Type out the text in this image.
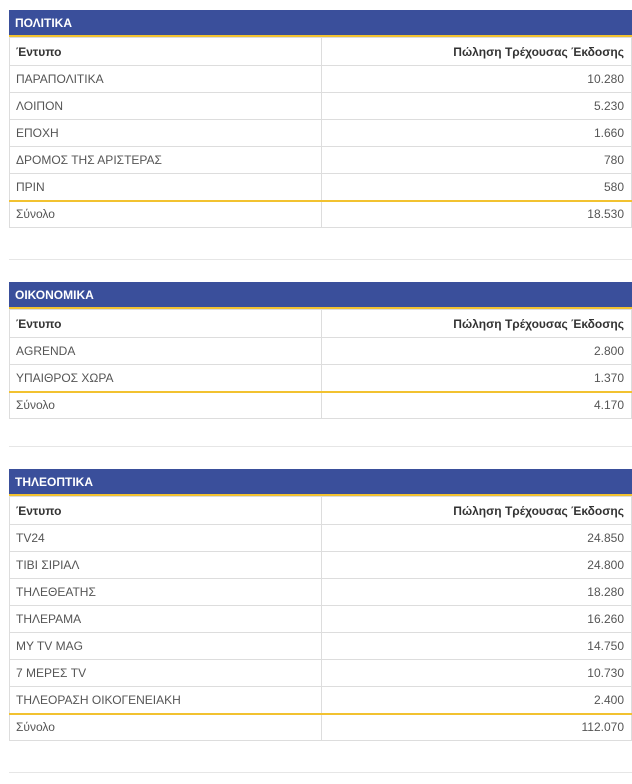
ΠΟΛΙΤΙΚΑ
Έντυπο	Πώληση Τρέχουσας Έκδοσης
ΠΑΡΑΠΟΛΙΤΙΚΑ	10.280
ΛΟΙΠΟΝ	5.230
ΕΠΟΧΗ	1.660
ΔΡΟΜΟΣ ΤΗΣ ΑΡΙΣΤΕΡΑΣ	780
ΠΡΙΝ	580
Σύνολο	18.530
ΟΙΚΟΝΟΜΙΚΑ
Έντυπο	Πώληση Τρέχουσας Έκδοσης
AGRENDA	2.800
ΥΠΑΙΘΡΟΣ ΧΩΡΑ	1.370
Σύνολο	4.170
ΤΗΛΕΟΠΤΙΚΑ
Έντυπο	Πώληση Τρέχουσας Έκδοσης
TV24	24.850
ΤΙΒΙ ΣΙΡΙΑΛ	24.800
ΤΗΛΕΘΕΑΤΗΣ	18.280
ΤΗΛΕΡΑΜΑ	16.260
MY TV MAG	14.750
7 ΜΕΡΕΣ TV	10.730
ΤΗΛΕΟΡΑΣΗ ΟΙΚΟΓΕΝΕΙΑΚΗ	2.400
Σύνολο	112.070
